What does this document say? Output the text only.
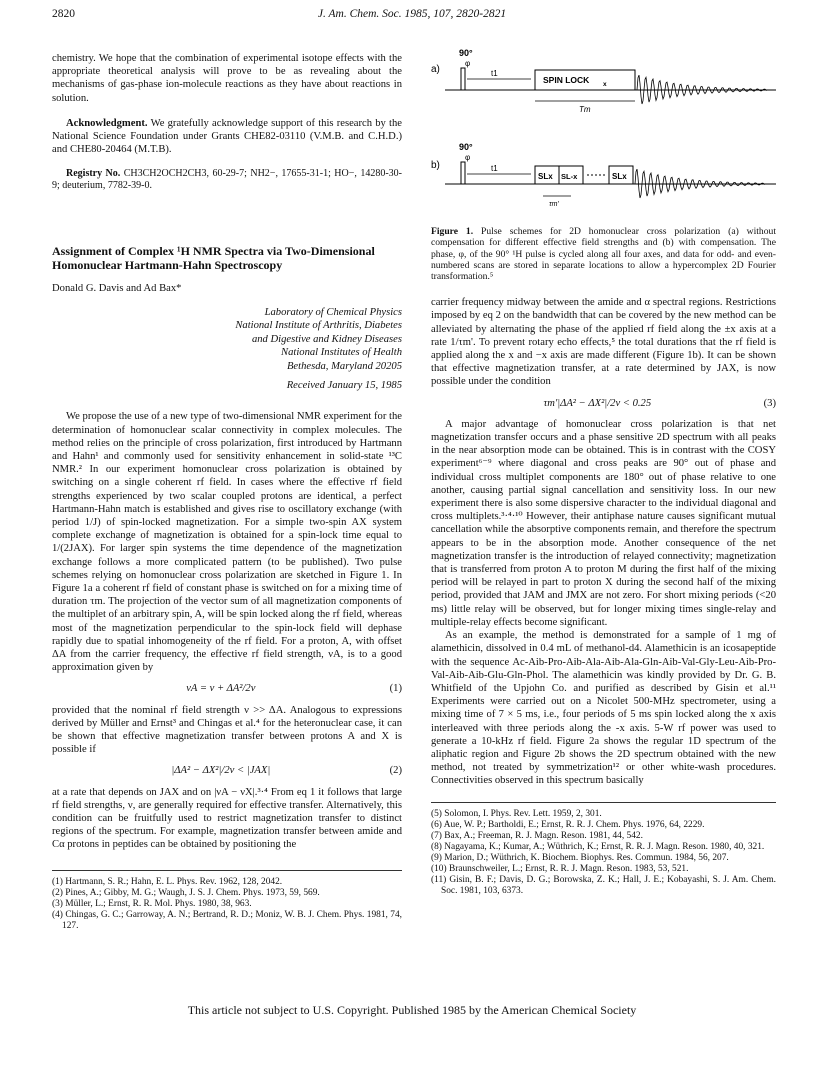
2820	J. Am. Chem. Soc. 1985, 107, 2820-2821

chemistry. We hope that the combination of experimental isotope effects with the appropriate theoretical analysis will prove to be as revealing about the mechanisms of gas-phase ion-molecule reactions as they have about reactions in solution.

Acknowledgment. We gratefully acknowledge support of this research by the National Science Foundation under Grants CHE82-03110 (V.M.B. and C.H.D.) and CHE80-20464 (M.T.B).

Registry No. CH3CH2OCH2CH3, 60-29-7; NH2−, 17655-31-1; HO−, 14280-30-9; deuterium, 7782-39-0.

Assignment of Complex ¹H NMR Spectra via Two-Dimensional Homonuclear Hartmann-Hahn Spectroscopy

Donald G. Davis and Ad Bax*

Laboratory of Chemical Physics
National Institute of Arthritis, Diabetes
and Digestive and Kidney Diseases
National Institutes of Health
Bethesda, Maryland 20205
Received January 15, 1985

We propose the use of a new type of two-dimensional NMR experiment for the determination of homonuclear scalar connectivity in complex molecules. The method relies on the principle of cross polarization, first introduced by Hartmann and Hahn¹ and commonly used for sensitivity enhancement in solid-state ¹³C NMR.² In our experiment homonuclear cross polarization is obtained by switching on a single coherent rf field. In cases where the effective rf field strengths experienced by two scalar coupled protons are identical, a perfect Hartmann-Hahn match is established and gives rise to oscillatory exchange (with period 1/J) of spin-locked magnetization. For a simple two-spin AX system complete exchange of magnetization is obtained for a spin-lock time equal to 1/(2JAX). For larger spin systems the time dependence of the magnetization exchange follows a more complicated pattern (to be published). Two pulse schemes relying on homonuclear cross polarization are sketched in Figure 1. In Figure 1a a coherent rf field of constant phase is switched on for a mixing time of duration τm. The projection of the vector sum of all magnetization components of the multiplet of an arbitrary spin, A, will be spin locked along the rf field, whereas most of the magnetization perpendicular to the spin-lock field will dephase rapidly due to spatial inhomogeneity of the rf field. For a proton, A, with offset ΔA from the carrier frequency, the effective rf field strength, νA, is to a good approximation given by

νA = ν + ΔA²/2ν	(1)

provided that the nominal rf field strength ν >> ΔA. Analogous to expressions derived by Müller and Ernst³ and Chingas et al.⁴ for the heteronuclear case, it can be shown that effective magnetization transfer between protons A and X is possible if

|ΔA² − ΔX²|/2ν < |JAX|	(2)

at a rate that depends on JAX and on |νA − νX|.³·⁴ From eq 1 it follows that large rf field strengths, ν, are generally required for effective transfer. Alternatively, this condition can be fruitfully used to restrict magnetization transfer to distinct regions of the spectrum. For example, magnetization transfer between amide and Cα protons in peptides can be obtained by positioning the

(1) Hartmann, S. R.; Hahn, E. L. Phys. Rev. 1962, 128, 2042.
(2) Pines, A.; Gibby, M. G.; Waugh, J. S. J. Chem. Phys. 1973, 59, 569.
(3) Müller, L.; Ernst, R. R. Mol. Phys. 1980, 38, 963.
(4) Chingas, G. C.; Garroway, A. N.; Bertrand, R. D.; Moniz, W. B. J. Chem. Phys. 1981, 74, 127.
a)
90°
φ
t1
SPIN LOCK x
Tm
b)
90°
φ
t1
SLx SL-x	SLx
τm'

Figure 1. Pulse schemes for 2D homonuclear cross polarization (a) without compensation for different effective field strengths and (b) with compensation. The phase, φ, of the 90° ¹H pulse is cycled along all four axes, and data for odd- and even-numbered scans are stored in separate locations to allow a hypercomplex 2D Fourier transformation.⁵

carrier frequency midway between the amide and α spectral regions. Restrictions imposed by eq 2 on the bandwidth that can be covered by the new method can be alleviated by alternating the phase of the applied rf field along the ±x axis at a rate 1/τm'. To prevent rotary echo effects,⁵ the total durations that the rf field is applied along the x and −x axis are made different (Figure 1b). It can be shown that effective magnetization transfer, at a rate determined by JAX, is now possible under the condition

τm'|ΔA² − ΔX²|/2ν < 0.25	(3)

A major advantage of homonuclear cross polarization is that net magnetization transfer occurs and a phase sensitive 2D spectrum with all peaks in the near absorption mode can be obtained. This is in contrast with the COSY experiment⁶⁻⁹ where diagonal and cross peaks are 90° out of phase and individual cross multiplet components are 180° out of phase relative to one another, causing partial signal cancellation and sensitivity loss. In our new experiment there is also some dispersive character to the individual diagonal and cross multiplets.³·⁴·¹⁰ However, their antiphase nature causes significant mutual cancellation while the absorptive components remain, and therefore the spectrum appears to be in the absorption mode. Another consequence of the net magnetization transfer is the introduction of relayed connectivity; magnetization that is transferred from proton A to proton M during the first half of the mixing period will be relayed in part to proton X during the second half of the mixing period, provided that JAM and JMX are not zero. For short mixing periods (<20 ms) little relay will be observed, but for longer mixing times single-relay and multiple-relay effects become significant.

As an example, the method is demonstrated for a sample of 1 mg of alamethicin, dissolved in 0.4 mL of methanol-d4. Alamethicin is an icosapeptide with the sequence Ac-Aib-Pro-Aib-Ala-Aib-Ala-Gln-Aib-Val-Gly-Leu-Aib-Pro-Val-Aib-Aib-Glu-Gln-Phol. The alamethicin was kindly provided by Dr. G. B. Whitfield of the Upjohn Co. and purified as described by Gisin et al.¹¹ Experiments were carried out on a Nicolet 500-MHz spectrometer, using a mixing time of 7 × 5 ms, i.e., four periods of 5 ms spin locked along the x axis interleaved with three periods along the -x axis. 5-W rf power was used to generate a 10-kHz rf field. Figure 2a shows the regular 1D spectrum of the aliphatic region and Figure 2b shows the 2D spectrum obtained with the new method, not treated by symmetrization¹² or other white-wash procedures. Connectivities observed in this spectrum basically

(5) Solomon, I. Phys. Rev. Lett. 1959, 2, 301.
(6) Aue, W. P.; Bartholdi, E.; Ernst, R. R. J. Chem. Phys. 1976, 64, 2229.
(7) Bax, A.; Freeman, R. J. Magn. Reson. 1981, 44, 542.
(8) Nagayama, K.; Kumar, A.; Wüthrich, K.; Ernst, R. R. J. Magn. Reson. 1980, 40, 321.
(9) Marion, D.; Wüthrich, K. Biochem. Biophys. Res. Commun. 1984, 56, 207.
(10) Braunschweiler, L.; Ernst, R. R. J. Magn. Reson. 1983, 53, 521.
(11) Gisin, B. F.; Davis, D. G.; Borowska, Z. K.; Hall, J. E.; Kobayashi, S. J. Am. Chem. Soc. 1981, 103, 6373.
This article not subject to U.S. Copyright. Published 1985 by the American Chemical Society
